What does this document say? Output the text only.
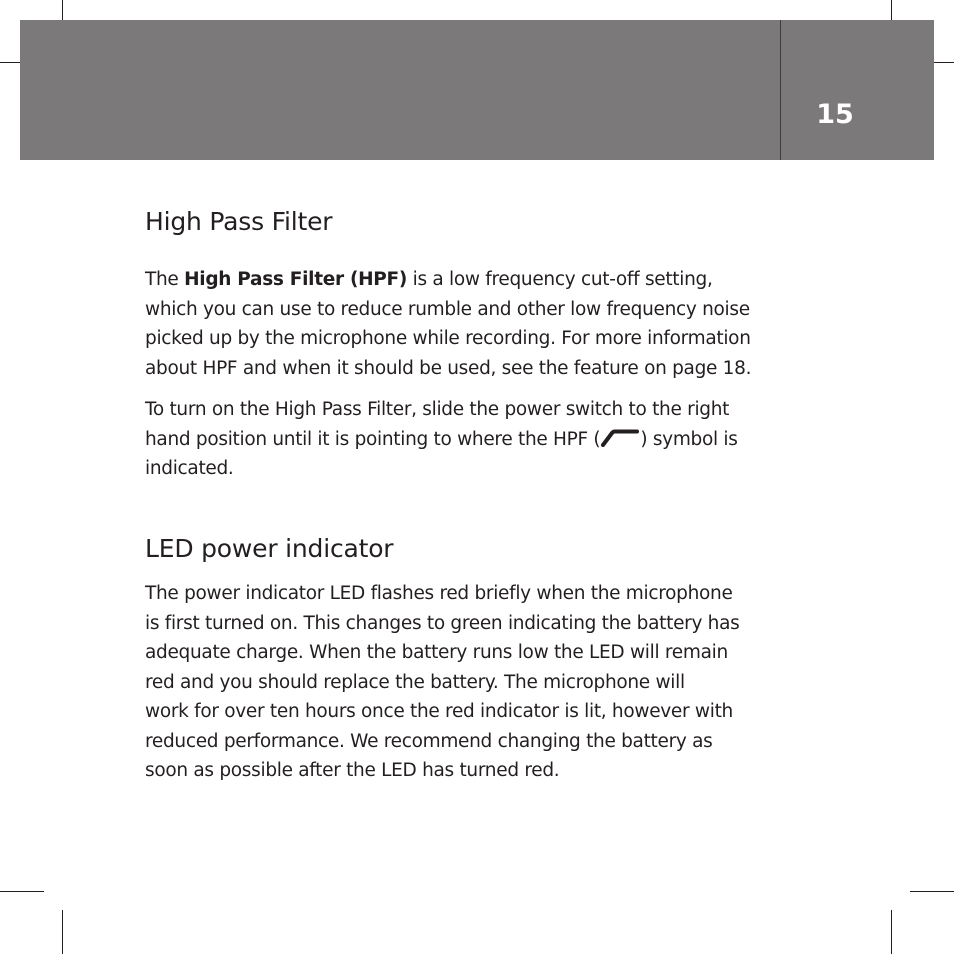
15
High Pass Filter
The High Pass Filter (HPF) is a low frequency cut-off setting,
which you can use to reduce rumble and other low frequency noise
picked up by the microphone while recording. For more information
about HPF and when it should be used, see the feature on page 18.
To turn on the High Pass Filter, slide the power switch to the right
hand position until it is pointing to where the HPF ( ) symbol is
indicated.
LED power indicator
The power indicator LED flashes red briefly when the microphone
is first turned on. This changes to green indicating the battery has
adequate charge. When the battery runs low the LED will remain
red and you should replace the battery. The microphone will
work for over ten hours once the red indicator is lit, however with
reduced performance. We recommend changing the battery as
soon as possible after the LED has turned red.
